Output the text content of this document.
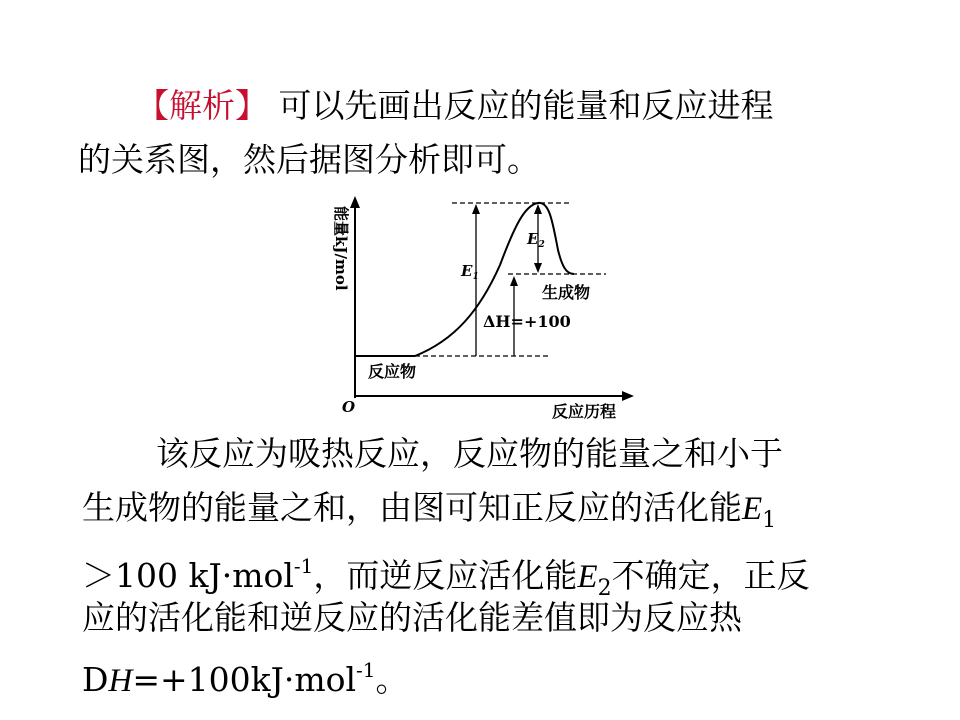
【解析】 可以先画出反应的能量和反应进程
的关系图，然后据图分析即可。
能量kJ/mol
O	反应历程
反应物
生成物
$E_1$
$E_2$
ΔH=+100
该反应为吸热反应，反应物的能量之和小于
生成物的能量之和，由图可知正反应的活化能$E_1$
＞100 kJ·mol$^{-1}$，而逆反应活化能$E_2$不确定，正反
应的活化能和逆反应的活化能差值即为反应热
DH=+100kJ·mol$^{-1}$。
